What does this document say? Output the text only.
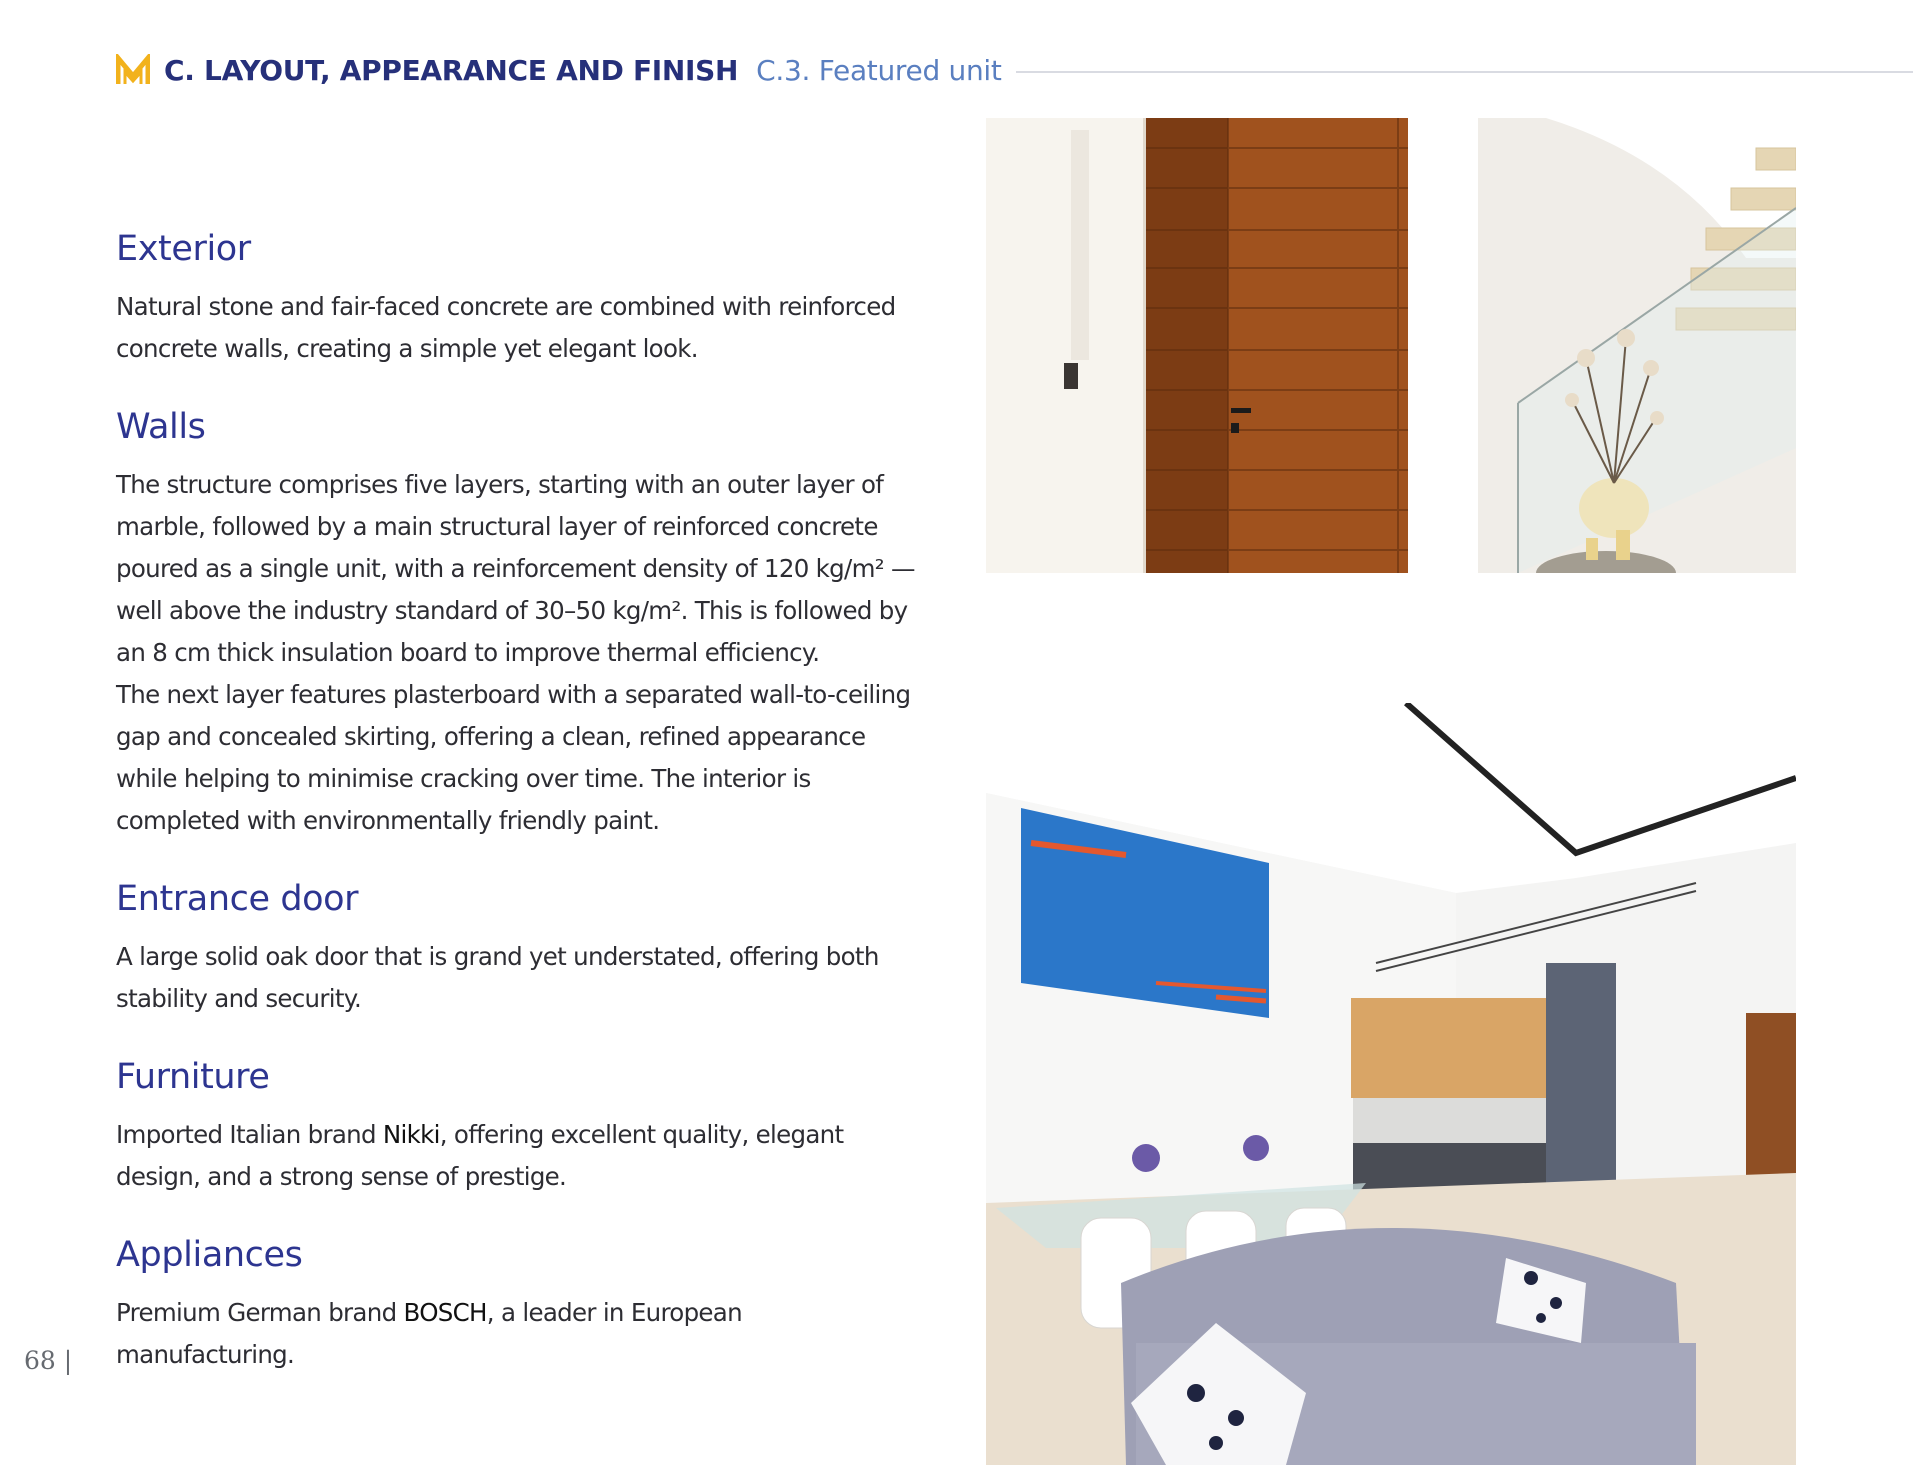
C. LAYOUT, APPEARANCE AND FINISH C.3. Featured unit
Exterior

Natural stone and fair-faced concrete are combined with reinforced concrete walls, creating a simple yet elegant look.

Walls

The structure comprises five layers, starting with an outer layer of marble, followed by a main structural layer of reinforced concrete poured as a single unit, with a reinforcement density of 120 kg/m² — well above the industry standard of 30–50 kg/m². This is followed by an 8 cm thick insulation board to improve thermal efficiency.

The next layer features plasterboard with a separated wall-to-ceiling gap and concealed skirting, offering a clean, refined appearance while helping to minimise cracking over time. The interior is completed with environmentally friendly paint.

Entrance door

A large solid oak door that is grand yet understated, offering both stability and security.

Furniture

Imported Italian brand Nikki, offering excellent quality, elegant design, and a strong sense of prestige.

Appliances

Premium German brand BOSCH, a leader in European manufacturing.

68 |
